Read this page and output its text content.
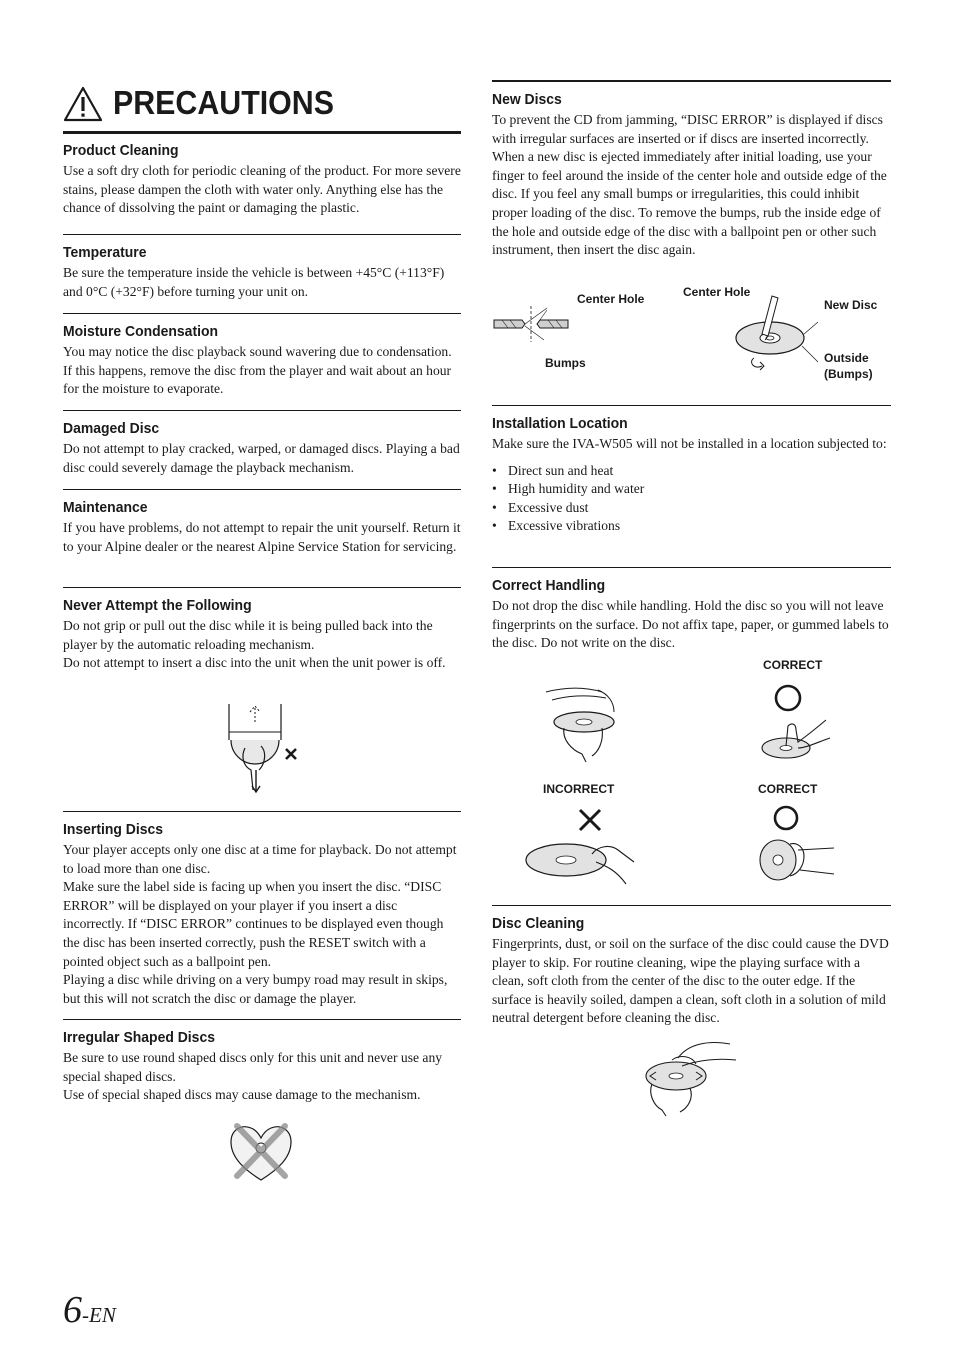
PRECAUTIONS
Product Cleaning

Use a soft dry cloth for periodic cleaning of the product. For more severe stains, please dampen the cloth with water only. Anything else has the chance of dissolving the paint or damaging the plastic.

Temperature

Be sure the temperature inside the vehicle is between +45°C (+113°F) and 0°C (+32°F) before turning your unit on.

Moisture Condensation

You may notice the disc playback sound wavering due to condensation. If this happens, remove the disc from the player and wait about an hour for the moisture to evaporate.

Damaged Disc

Do not attempt to play cracked, warped, or damaged discs. Playing a bad disc could severely damage the playback mechanism.

Maintenance

If you have problems, do not attempt to repair the unit yourself. Return it to your Alpine dealer or the nearest Alpine Service Station for servicing.

Never Attempt the Following

Do not grip or pull out the disc while it is being pulled back into the player by the automatic reloading mechanism.

Do not attempt to insert a disc into the unit when the unit power is off.

Inserting Discs

Your player accepts only one disc at a time for playback. Do not attempt to load more than one disc.

Make sure the label side is facing up when you insert the disc. “DISC ERROR” will be displayed on your player if you insert a disc incorrectly. If “DISC ERROR” continues to be displayed even though the disc has been inserted correctly, push the RESET switch with a pointed object such as a ballpoint pen.

Playing a disc while driving on a very bumpy road may result in skips, but this will not scratch the disc or damage the player.

Irregular Shaped Discs

Be sure to use round shaped discs only for this unit and never use any special shaped discs.

Use of special shaped discs may cause damage to the mechanism.

New Discs

To prevent the CD from jamming, “DISC ERROR” is displayed if discs with irregular surfaces are inserted or if discs are inserted incorrectly. When a new disc is ejected immediately after initial loading, use your finger to feel around the inside of the center hole and outside edge of the disc. If you feel any small bumps or irregularities, this could inhibit proper loading of the disc. To remove the bumps, rub the inside edge of the hole and outside edge of the disc with a ballpoint pen or other such instrument, then insert the disc again.

Center Hole
Bumps
Center Hole
New Disc
Outside
(Bumps)
Installation Location

Make sure the IVA-W505 will not be installed in a location subjected to:

• Direct sun and heat
• High humidity and water
• Excessive dust
• Excessive vibrations
Correct Handling

Do not drop the disc while handling. Hold the disc so you will not leave fingerprints on the surface. Do not affix tape, paper, or gummed labels to the disc. Do not write on the disc.

CORRECT
INCORRECT	CORRECT
Disc Cleaning

Fingerprints, dust, or soil on the surface of the disc could cause the DVD player to skip. For routine cleaning, wipe the playing surface with a clean, soft cloth from the center of the disc to the outer edge. If the surface is heavily soiled, dampen a clean, soft cloth in a solution of mild neutral detergent before cleaning the disc.

6-EN
